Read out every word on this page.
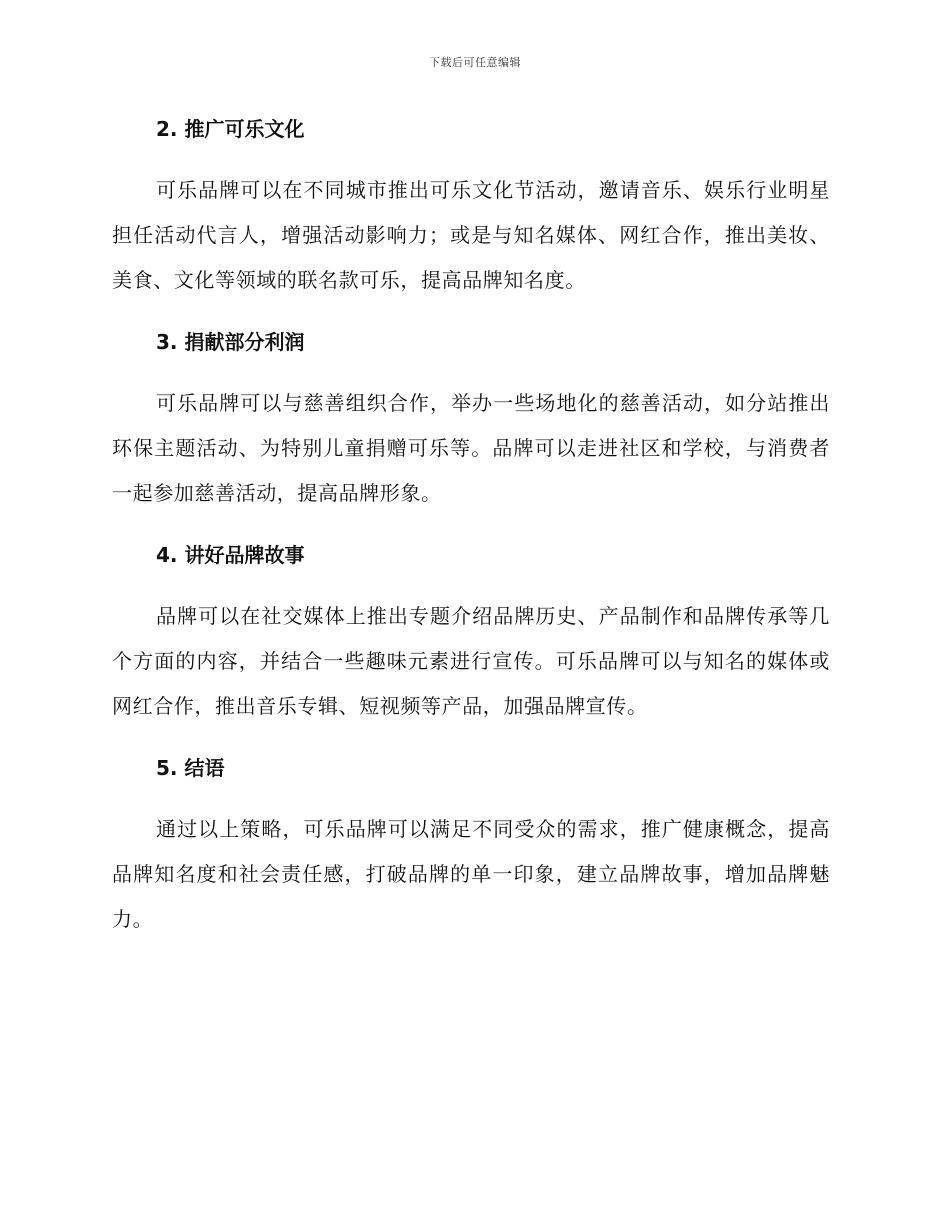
下载后可任意编辑
2. 推广可乐文化

可乐品牌可以在不同城市推出可乐文化节活动，邀请音乐、娱乐行业明星担任活动代言人，增强活动影响力；或是与知名媒体、网红合作，推出美妆、美食、文化等领域的联名款可乐，提高品牌知名度。

3. 捐献部分利润

可乐品牌可以与慈善组织合作，举办一些场地化的慈善活动，如分站推出环保主题活动、为特别儿童捐赠可乐等。品牌可以走进社区和学校，与消费者一起参加慈善活动，提高品牌形象。

4. 讲好品牌故事

品牌可以在社交媒体上推出专题介绍品牌历史、产品制作和品牌传承等几个方面的内容，并结合一些趣味元素进行宣传。可乐品牌可以与知名的媒体或网红合作，推出音乐专辑、短视频等产品，加强品牌宣传。

5. 结语

通过以上策略，可乐品牌可以满足不同受众的需求，推广健康概念，提高品牌知名度和社会责任感，打破品牌的单一印象，建立品牌故事，增加品牌魅力。
